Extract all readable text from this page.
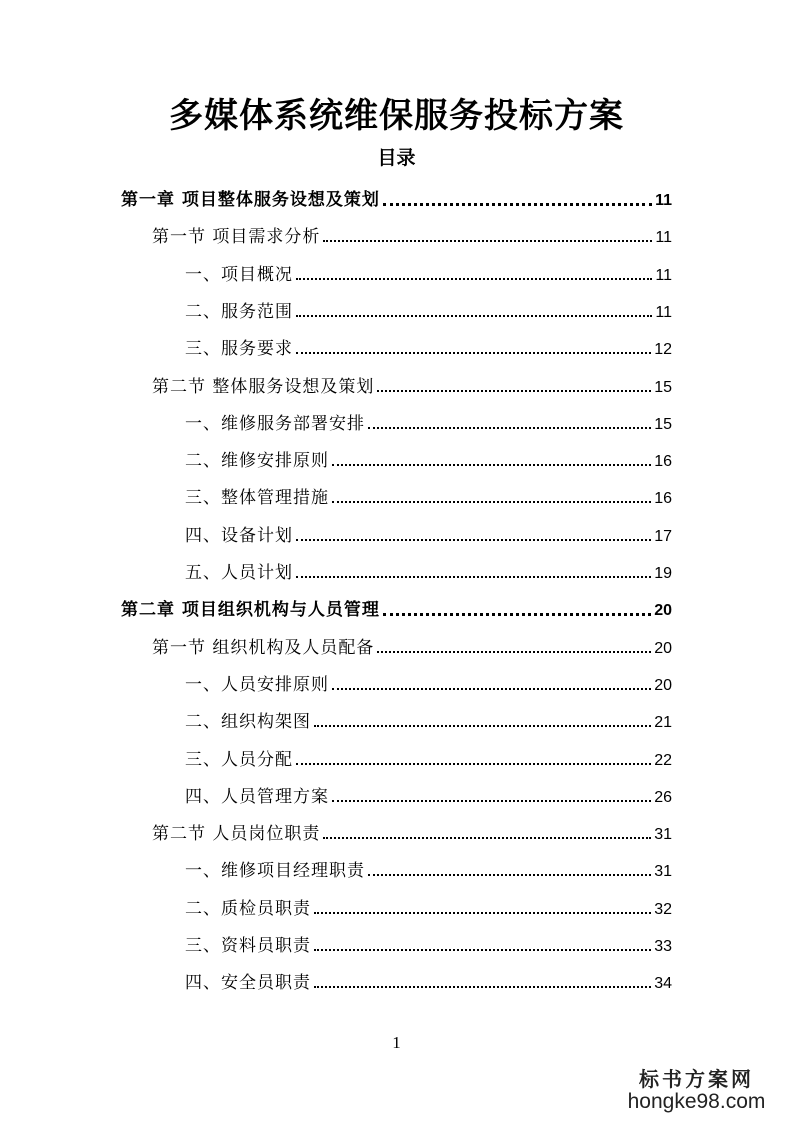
多媒体系统维保服务投标方案
目录
第一章 项目整体服务设想及策划	11
第一节 项目需求分析	11
一、项目概况	11
二、服务范围	11
三、服务要求	12
第二节 整体服务设想及策划	15
一、维修服务部署安排	15
二、维修安排原则	16
三、整体管理措施	16
四、设备计划	17
五、人员计划	19
第二章 项目组织机构与人员管理	20
第一节 组织机构及人员配备	20
一、人员安排原则	20
二、组织构架图	21
三、人员分配	22
四、人员管理方案	26
第二节 人员岗位职责	31
一、维修项目经理职责	31
二、质检员职责	32
三、资料员职责	33
四、安全员职责	34
1
标书方案网
hongke98.com
